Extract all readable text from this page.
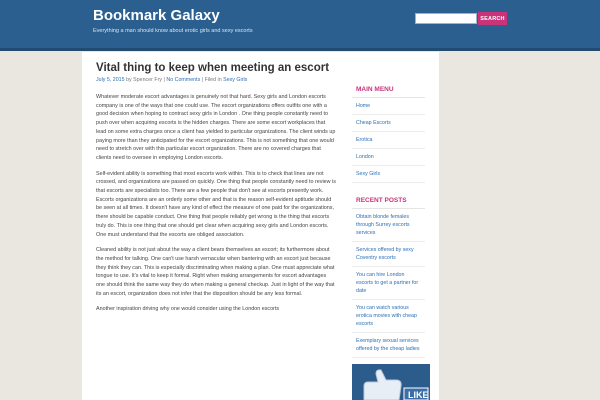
Bookmark Galaxy
Everything a man should know about erotic girls and sexy escorts
SEARCH
Vital thing to keep when meeting an escort
July 5, 2015 by Spencer Fry | No Comments | Filed in Sexy Girls

Whatever moderate escort advantages is genuinely not that hard. Sexy girls and London escorts company is one of the ways that one could use. The escort organizations offers outfits one with a good decision when hoping to contract sexy girls in London . One thing people constantly need to push over when acquiring escorts is the hidden charges. There are some escort workplaces that lead on some extra charges once a client has yielded to particular organizations. The client winds up paying more than they anticipated for the escort organizations. This is not something that one would need to stretch over with this particular escort organization. There are no covered charges that clients need to oversee in employing London escorts.

Self-evident ability is something that most escorts work within. This is to check that lines are not crossed, and organizations are passed on quickly. One thing that people constantly need to review is that escorts are specialists too. There are a few people that don't see at escorts presently work. Escorts organizations are an orderly some other and that is the reason self-evident aptitude should be seen at all times. It doesn't have any kind of effect the measure of one paid for the organizations, there should be capable conduct. One thing that people reliably get wrong is the thing that escorts truly do. This is one thing that one should get clear when acquiring sexy girls and London escorts. One must understand that the escorts are obliged association.

Cleaned ability is not just about the way a client bears themselves an escort; its furthermore about the method for talking. One can't use harsh vernacular when bantering with an escort just because they think they can. This is especially discriminating when making a plan. One must appreciate what tongue to use. It's vital to keep it formal. Right when making arrangements for escort advantages one should think the same way they do when making a general checkup. Just in light of the way that its an escort, organization does not infer that the disposition should be any less formal.

Another inspiration driving why one would consider using the London escorts

MAIN MENU
Home
Cheap Escorts
Erotica
London
Sexy Girls
RECENT POSTS
Obtain blonde females through Surrey escorts services
Services offered by sexy Coventry escorts
You can hire London escorts to get a partner for date
You can watch various erotica movies with cheap escorts
Exemplary sexual services offered by the cheap ladies
LIKE
